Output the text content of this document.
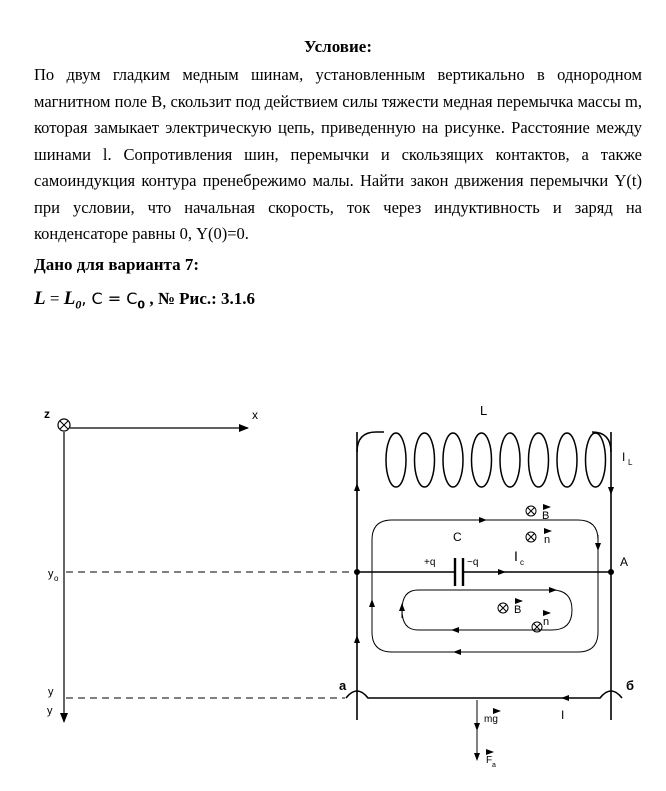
Условие:

По двум гладким медным шинам, установленным вертикально в однородном магнитном поле B, скользит под действием силы тяжести медная перемычка массы m, которая замыкает электрическую цепь, приведенную на рисунке. Расстояние между шинами l. Сопротивления шин, перемычки и скользящих контактов, а также самоиндукция контура пренебрежимо малы. Найти закон движения перемычки Y(t) при условии, что начальная скорость, ток через индуктивность и заряд на конденсаторе равны 0, Y(0)=0.

Дано для варианта 7:
$L = L_0$, $C = C_0$ , № Рис.: 3.1.6
z	x
y o
y
y
L
I L
C
+q	−q	I c	A
B
n
B
n
а	б
I
mg
F a
